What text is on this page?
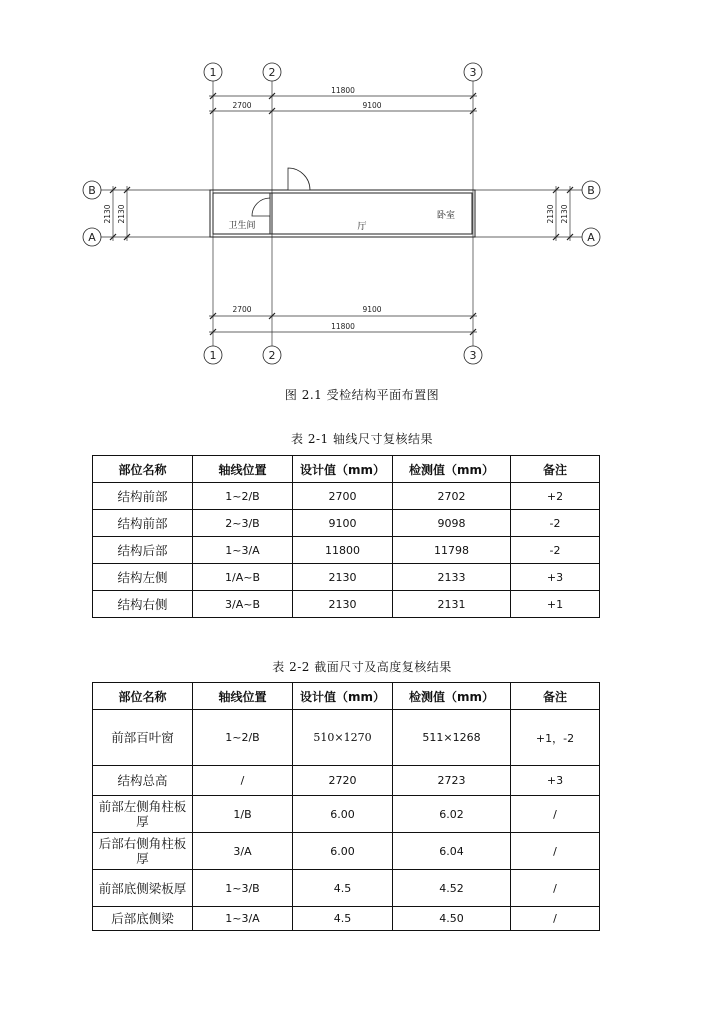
1	2	3
1	2	3
B
A
B
A
11800
2700	9100
2700	9100
11800
2130 2130	2130 2130
卫生间	厅
卧室
图 2.1 受检结构平面布置图
表 2-1 轴线尺寸复核结果
部位名称	轴线位置	设计值（mm）	检测值（mm）	备注
结构前部	1~2/B	2700	2702	+2
结构前部	2~3/B	9100	9098	-2
结构后部	1~3/A	11800	11798	-2
结构左侧	1/A~B	2130	2133	+3
结构右侧	3/A~B	2130	2131	+1
表 2-2 截面尺寸及高度复核结果
部位名称	轴线位置	设计值（mm）	检测值（mm）	备注
前部百叶窗	1~2/B	510×1270	511×1268	+1，-2
结构总高	/	2720	2723	+3
前部左侧角柱板厚	1/B	6.00	6.02	/
后部右侧角柱板厚	3/A	6.00	6.04	/
前部底侧梁板厚	1~3/B	4.5	4.52	/
后部底侧梁	1~3/A	4.5	4.50	/
